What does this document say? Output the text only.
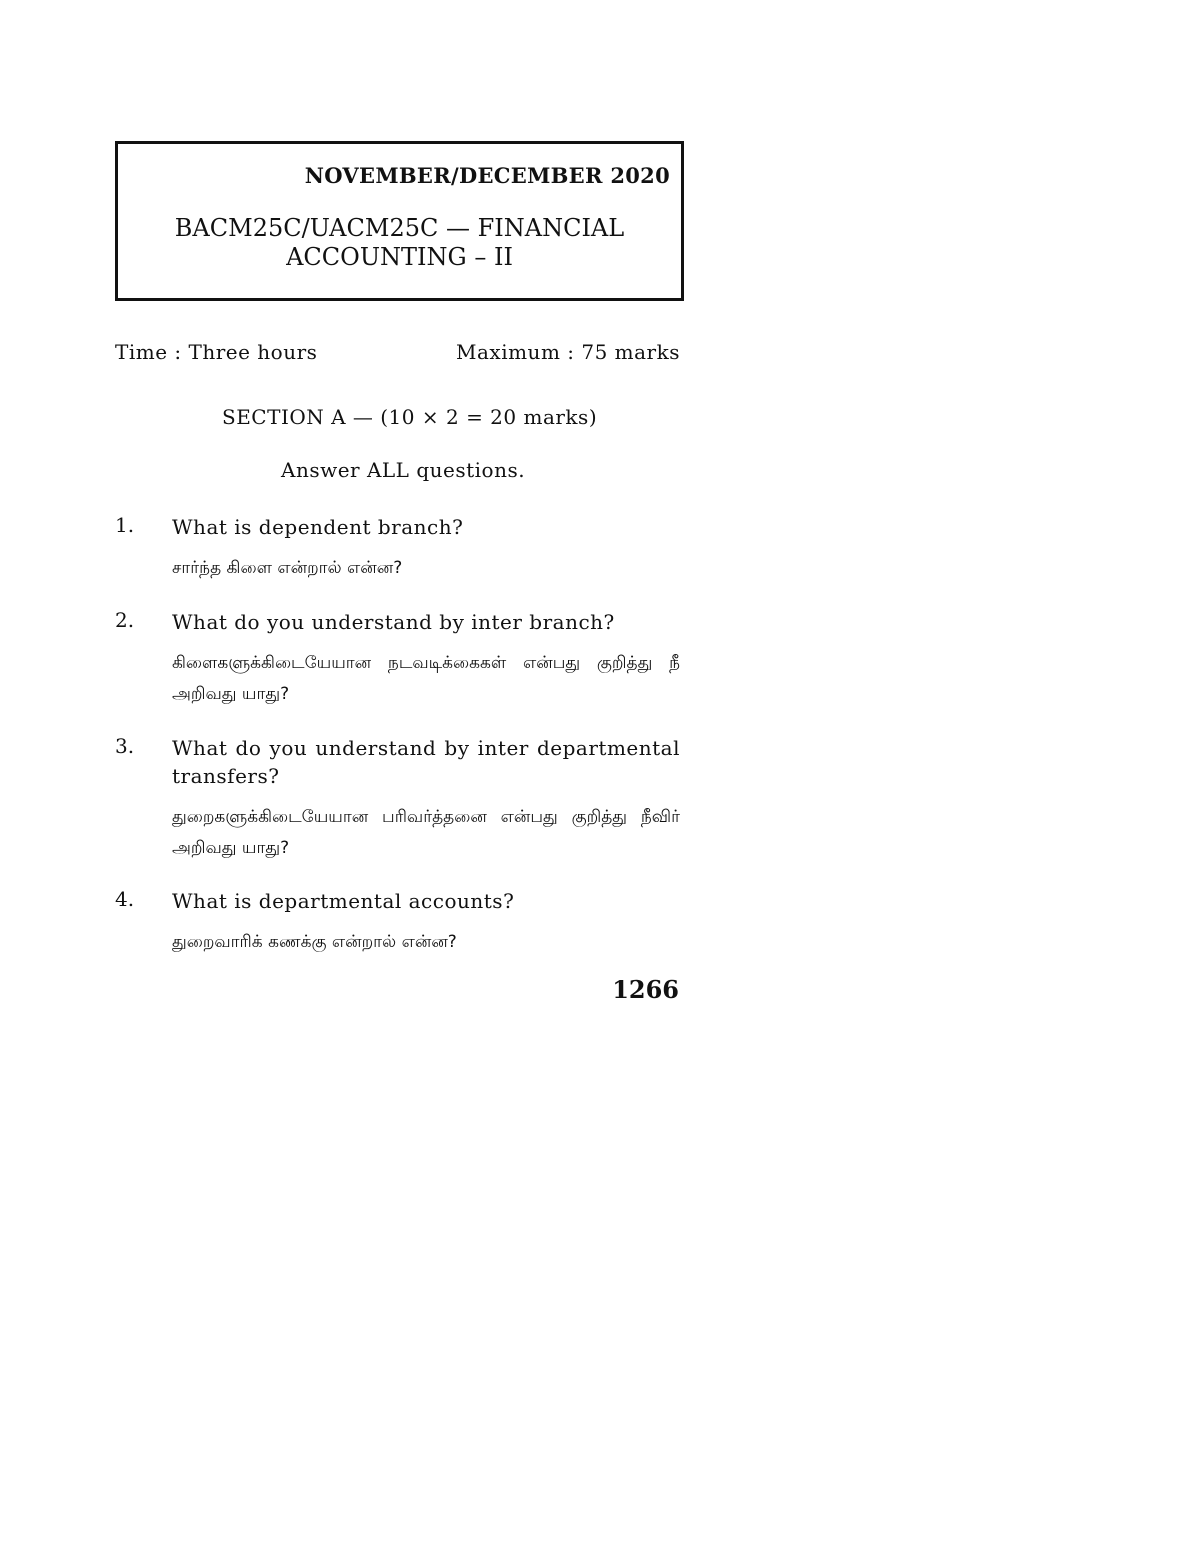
NOVEMBER/DECEMBER 2020
BACM25C/UACM25C — FINANCIAL
ACCOUNTING – II
Time : Three hours	Maximum : 75 marks
SECTION A — (10 × 2 = 20 marks)
Answer ALL questions.
1. What is dependent branch?
சார்ந்த கிளை என்றால் என்ன?
2. What do you understand by inter branch?
கிளைகளுக்கிடையேயான நடவடிக்கைகள் என்பது குறித்து நீ அறிவது யாது?
3. What do you understand by inter departmental transfers?
துறைகளுக்கிடையேயான பரிவர்த்தனை என்பது குறித்து நீவிர் அறிவது யாது?
4. What is departmental accounts?
துறைவாரிக் கணக்கு என்றால் என்ன?
1266
